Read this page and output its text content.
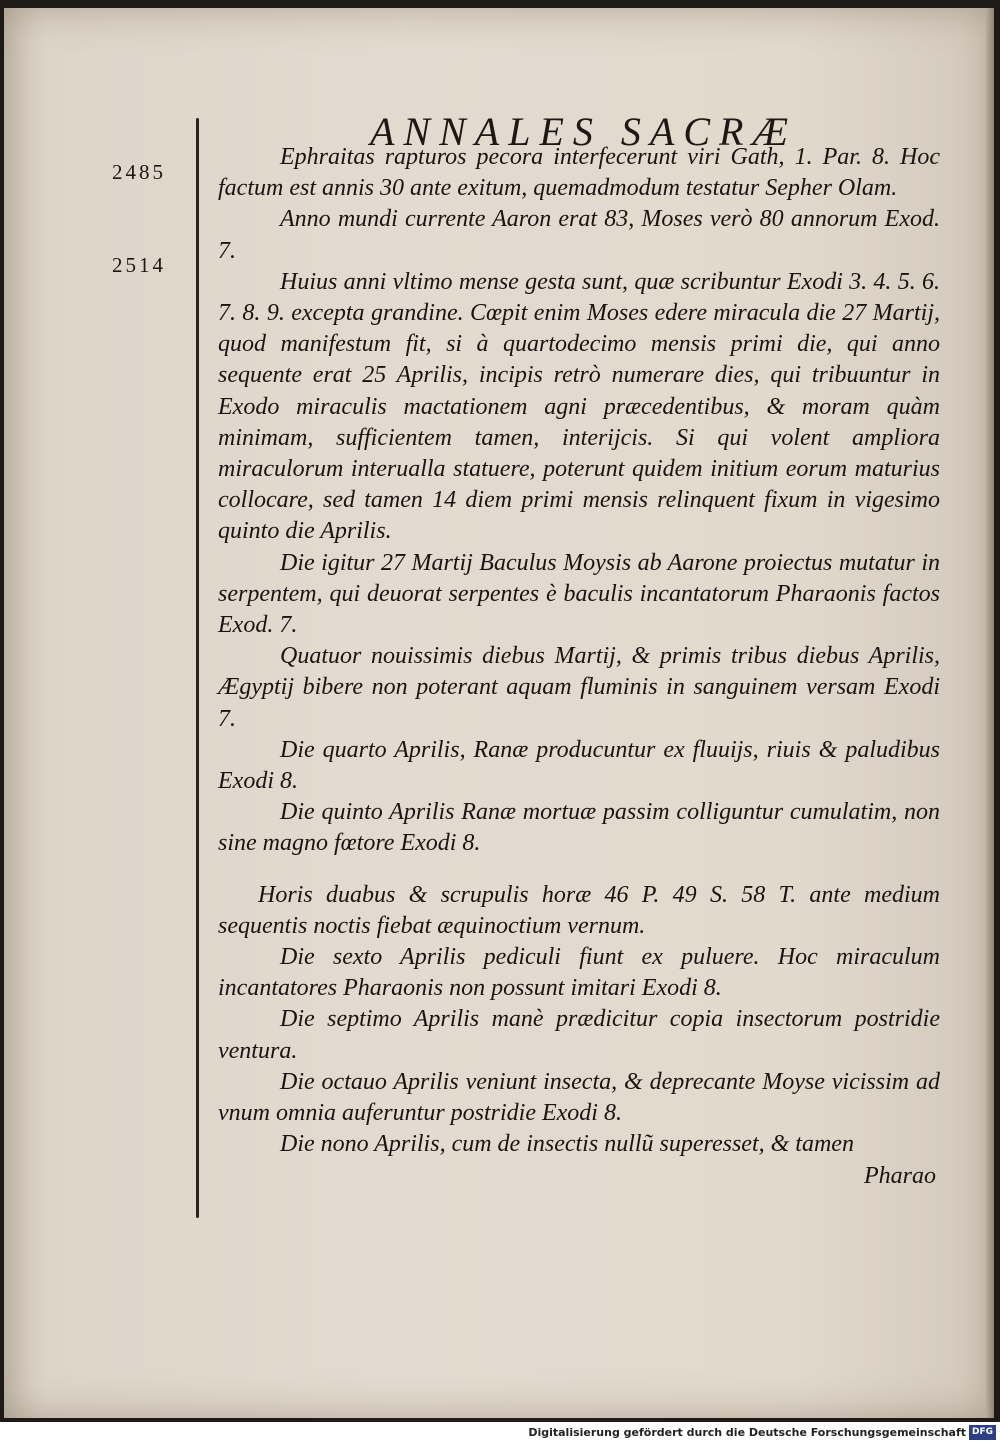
ANNALES SACRÆ
2485
2514

Ephraitas rapturos pecora interfecerunt viri Gath, 1. Par. 8. Hoc factum est annis 30 ante exitum, quemadmodum testatur Sepher Olam.

Anno mundi currente Aaron erat 83, Moses verò 80 annorum Exod. 7.

Huius anni vltimo mense gesta sunt, quæ scribuntur Exodi 3. 4. 5. 6. 7. 8. 9. excepta grandine. Cœpit enim Moses edere miracula die 27 Martij, quod manifestum fit, si à quartodecimo mensis primi die, qui anno sequente erat 25 Aprilis, incipis retrò numerare dies, qui tribuuntur in Exodo miraculis mactationem agni præcedentibus, & moram quàm minimam, sufficientem tamen, interijcis. Si qui volent ampliora miraculorum interualla statuere, poterunt quidem initium eorum maturius collocare, sed tamen 14 diem primi mensis relinquent fixum in vigesimo quinto die Aprilis.

Die igitur 27 Martij Baculus Moysis ab Aarone proiectus mutatur in serpentem, qui deuorat serpentes è baculis incantatorum Pharaonis factos Exod. 7.

Quatuor nouissimis diebus Martij, & primis tribus diebus Aprilis, Ægyptij bibere non poterant aquam fluminis in sanguinem versam Exodi 7.

Die quarto Aprilis, Ranæ producuntur ex fluuijs, riuis & paludibus Exodi 8.

Die quinto Aprilis Ranæ mortuæ passim colliguntur cumulatim, non sine magno fœtore Exodi 8.

Horis duabus & scrupulis horæ 46 P. 49 S. 58 T. ante medium sequentis noctis fiebat æquinoctium vernum.

Die sexto Aprilis pediculi fiunt ex puluere. Hoc miraculum incantatores Pharaonis non possunt imitari Exodi 8.

Die septimo Aprilis manè prædicitur copia insectorum postridie ventura.

Die octauo Aprilis veniunt insecta, & deprecante Moyse vicissim ad vnum omnia auferuntur postridie Exodi 8.

Die nono Aprilis, cum de insectis nullũ superesset, & tamen

Pharao
Digitalisierung gefördert durch die Deutsche Forschungsgemeinschaft DFG
